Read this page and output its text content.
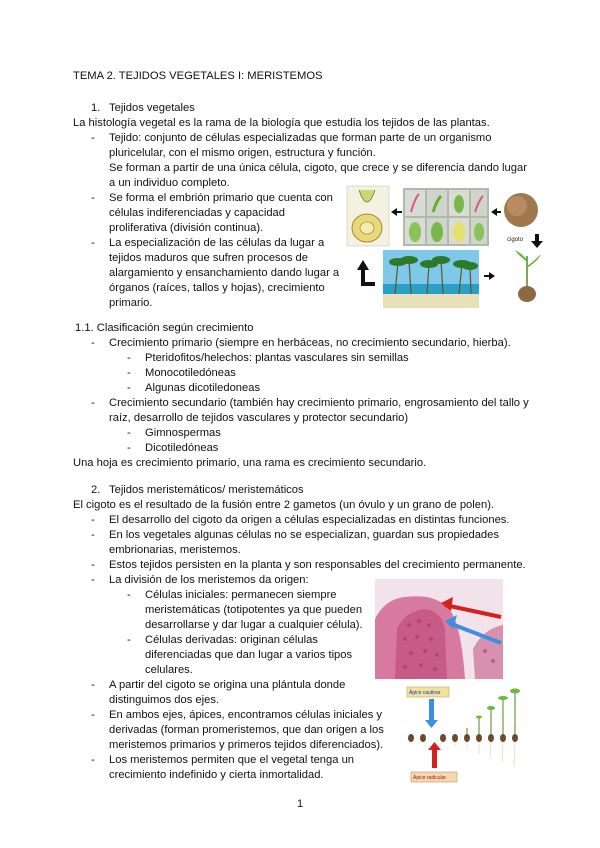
TEMA 2. TEJIDOS VEGETALES I: MERISTEMOS
1. Tejidos vegetales
La histología vegetal es la rama de la biología que estudia los tejidos de las plantas.
- Tejido: conjunto de células especializadas que forman parte de un organismo
pluricelular, con el mismo origen, estructura y función.
Se forman a partir de una única célula, cigoto, que crece y se diferencia dando lugar
a un individuo completo.
- Se forma el embrión primario que cuenta con
células indiferenciadas y capacidad
proliferativa (división continua).
- La especialización de las células da lugar a
tejidos maduros que sufren procesos de
alargamiento y ensanchamiento dando lugar a
órganos (raíces, tallos y hojas), crecimiento
primario.
cigoto
1.1. Clasificación según crecimiento
- Crecimiento primario (siempre en herbáceas, no crecimiento secundario, hierba).
- Pteridofitos/helechos: plantas vasculares sin semillas
- Monocotiledóneas
- Algunas dicotiledoneas
- Crecimiento secundario (también hay crecimiento primario, engrosamiento del tallo y
raíz, desarrollo de tejidos vasculares y protector secundario)
- Gimnospermas
- Dicotiledóneas
Una hoja es crecimiento primario, una rama es crecimiento secundario.
2. Tejidos meristemáticos/ meristemáticos
El cigoto es el resultado de la fusión entre 2 gametos (un óvulo y un grano de polen).
- El desarrollo del cigoto da origen a células especializadas en distintas funciones.
- En los vegetales algunas células no se especializan, guardan sus propiedades
embrionarias, meristemos.
- Estos tejidos persisten en la planta y son responsables del crecimiento permanente.
- La división de los meristemos da origen:
- Células iniciales: permanecen siempre
meristemáticas (totipotentes ya que pueden
desarrollarse y dar lugar a cualquier célula).
- Células derivadas: originan células
diferenciadas que dan lugar a varios tipos
celulares.
- A partir del cigoto se origina una plántula donde
distinguimos dos ejes.
- En ambos ejes, ápices, encontramos células iniciales y
derivadas (forman promeristemos, que dan origen a los
meristemos primarios y primeros tejidos diferenciados).
- Los meristemos permiten que el vegetal tenga un
crecimiento indefinido y cierta inmortalidad.
Ápice caulinar
Ápice radicular
1
